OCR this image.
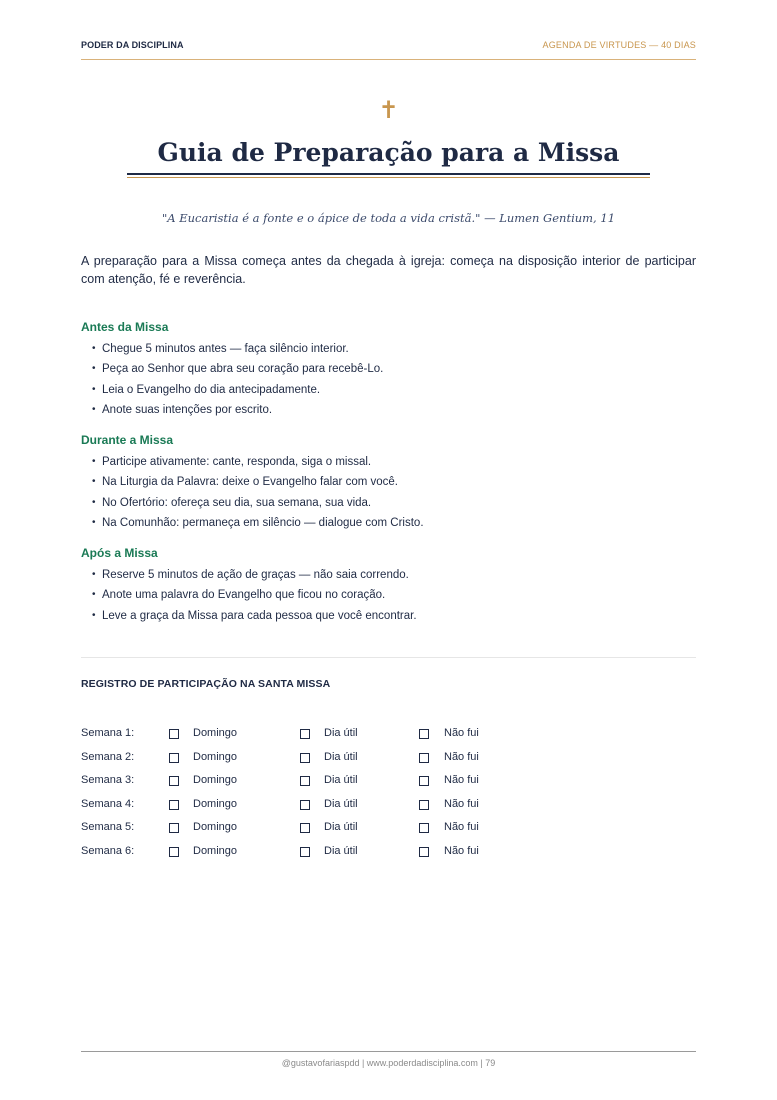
PODER DA DISCIPLINA	AGENDA DE VIRTUDES — 40 DIAS
✝
Guia de Preparação para a Missa

"A Eucaristia é a fonte e o ápice de toda a vida cristã." — Lumen Gentium, 11

A preparação para a Missa começa antes da chegada à igreja: começa na disposição interior de participar com atenção, fé e reverência.

Antes da Missa
• Chegue 5 minutos antes — faça silêncio interior.
• Peça ao Senhor que abra seu coração para recebê-Lo.
• Leia o Evangelho do dia antecipadamente.
• Anote suas intenções por escrito.
Durante a Missa
• Participe ativamente: cante, responda, siga o missal.
• Na Liturgia da Palavra: deixe o Evangelho falar com você.
• No Ofertório: ofereça seu dia, sua semana, sua vida.
• Na Comunhão: permaneça em silêncio — dialogue com Cristo.
Após a Missa
• Reserve 5 minutos de ação de graças — não saia correndo.
• Anote uma palavra do Evangelho que ficou no coração.
• Leve a graça da Missa para cada pessoa que você encontrar.
REGISTRO DE PARTICIPAÇÃO NA SANTA MISSA
Semana 1:	Domingo	Dia útil	Não fui
Semana 2:	Domingo	Dia útil	Não fui
Semana 3:	Domingo	Dia útil	Não fui
Semana 4:	Domingo	Dia útil	Não fui
Semana 5:	Domingo	Dia útil	Não fui
Semana 6:	Domingo	Dia útil	Não fui
@gustavofariaspdd | www.poderdadisciplina.com | 79
